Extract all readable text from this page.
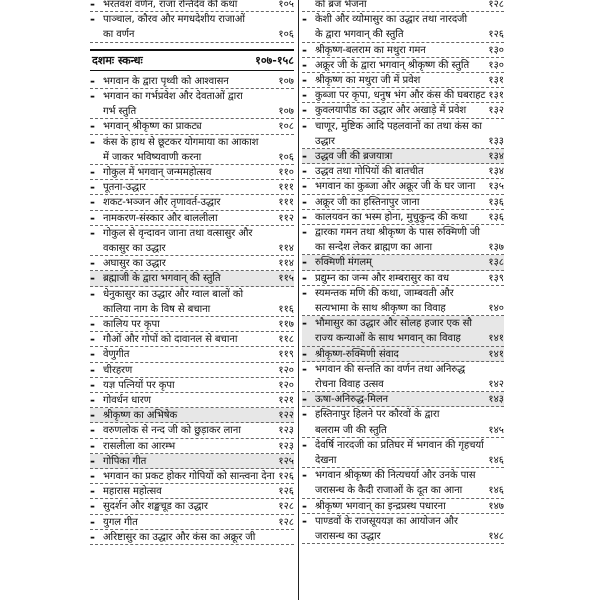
- भरतवंश वर्णन, राजा रन्तिदेव की कथा	१०५
- पाञ्चाल, कौरव और मगधदेशीय राजाओं
का वर्णन	१०६
दशमः स्कन्धः	१०७-१५८
- भगवान के द्वारा पृथ्वी को आश्वासन	१०७
- भगवान का गर्भप्रवेश और देवताओं द्वारा
गर्भ स्तुति	१०७
- भगवान् श्रीकृष्ण का प्राकट्य	१०८
- कंस के हाथ से छूटकर योगमाया का आकाश
में जाकर भविष्यवाणी करना	१०६
- गोकुल में भगवान् जन्ममहोत्सव	११०
- पूतना-उद्धार	१११
- शकट-भञ्जन और तृणावर्त-उद्धार	१११
- नामकरण-संस्कार और बाललीला	११२
- गोकुल से वृन्दावन जाना तथा वत्सासुर और
वकासुर का उद्धार	११४
- अघासुर का उद्धार	११४
- ब्रह्माजी के द्वारा भगवान् की स्तुति	११५
- धेनुकासुर का उद्धार और ग्वाल बालों को
कालिया नाग के विष से बचाना	११६
- कालिय पर कृपा	११७
- गौओं और गोपों को दावानल से बचाना	११८
- वेणुगीत	११९
- चीरहरण	१२०
- यज्ञ पत्नियों पर कृपा	१२०
- गोवर्धन धारण	१२१
- श्रीकृष्ण का अभिषेक	१२२
- वरुणलोक से नन्द जी को छुड़ाकर लाना	१२३
- रासलीला का आरम्भ	१२३
- गोपिका गीत	१२५
- भगवान का प्रकट होकर गोपियों को सान्त्वना देना १२६
- महारास महोत्सव	१२६
- सुदर्शन और शङ्खचूड का उद्धार	१२८
- युगल गीत	१२८
- अरिष्टासुर का उद्धार और कंस का अक्रूर जी
को ब्रज भेजना	१२८
- केशी और व्योमासुर का उद्धार तथा नारदजी
के द्वारा भगवान् की स्तुति	१२६
- श्रीकृष्ण-बलराम का मथुरा गमन	१३०
- अक्रूर जी के द्वारा भगवान् श्रीकृष्ण की स्तुति १३०
- श्रीकृष्ण का मथुरा जी में प्रवेश	१३१
- कुब्जा पर कृपा, धनुष भंग और कंस की घबराहट १३१
- कुवलयापीड का उद्धार और अखाड़े में प्रवेश १३२
- चाणूर, मुष्टिक आदि पहलवानों का तथा कंस का
उद्धार	१३३
- उद्धव जी की ब्रजयात्रा	१३४
- उद्धव तथा गोपियों की बातचीत	१३४
- भगवान का कुब्जा और अक्रूर जी के घर जाना १३५
- अक्रूर जी का हस्तिनापुर जाना	१३६
- कालयवन का भस्म होना, मुचुकुन्द की कथा १३६
- द्वारका गमन तथा श्रीकृष्ण के पास रुक्मिणी जी
का सन्देश लेकर ब्राह्मण का आना	१३७
- रुक्मिणी मंगलम्	१३८
- प्रद्युम्न का जन्म और शम्बरासुर का वध	१३९
- स्यमन्तक मणि की कथा, जाम्बवती और
सत्यभामा के साथ श्रीकृष्ण का विवाह	१४०
- भौमासुर का उद्धार और सोलह हजार एक सौ
राज्य कन्याओं के साथ भगवान् का विवाह	१४१
- श्रीकृष्ण-रुक्मिणी संवाद	१४१
- भगवान की सन्तति का वर्णन तथा अनिरुद्ध
रोचना विवाह उत्सव	१४२
- ऊषा-अनिरुद्ध-मिलन	१४३
- हस्तिनापुर हिलने पर कौरवों के द्वारा
बलराम जी की स्तुति	१४५
- देवर्षि नारदजी का प्रतिघर में भगवान की गृहचर्या
देखना	१४६
- भगवान श्रीकृष्ण की नित्यचर्या और उनके पास
जरासन्ध के कैदी राजाओं के दूत का आना	१४६
- श्रीकृष्ण भगवान् का इन्द्रप्रस्थ पधारना	१४७
- पाण्डवों के राजसूययज्ञ का आयोजन और
जरासन्ध का उद्धार	१४८
